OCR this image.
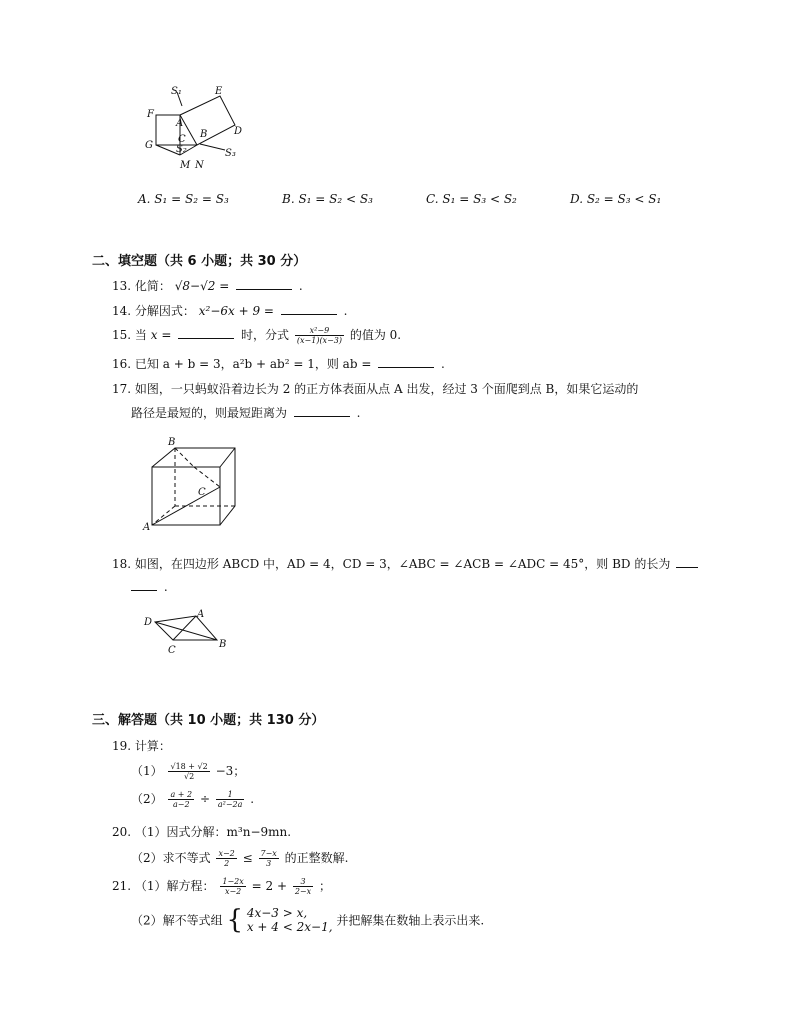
S₁	E
F
A
D
C B
G S₂	S₃
M N
A. S₁ = S₂ = S₃	B. S₁ = S₂ < S₃	C. S₁ = S₃ < S₂	D. S₂ = S₃ < S₁
二、填空题（共 6 小题；共 30 分）
13. 化简： √8−√2 =	.
14. 分解因式： x²−6x + 9 =	.
15. 当 x =	时，分式 $\frac{\text{x²−9}}{(x-1)(x-3)}$ 的值为 0.
16. 已知 a + b = 3，a²b + ab² = 1，则 ab =	.
17. 如图，一只蚂蚁沿着边长为 2 的正方体表面从点 A 出发，经过 3 个面爬到点 B，如果它运动的
路径是最短的，则最短距离为	.
B
C
A
18. 如图，在四边形 ABCD 中，AD = 4，CD = 3，∠ABC = ∠ACB = ∠ADC = 45°，则 BD 的长为
.
D
A
B
C
三、解答题（共 10 小题；共 130 分）
19. 计算：
$(1) \frac{√18 + √2}{√2} -3$；
$(2) \frac{a + 2}{a-2} \div \frac{1}{\text{a²−2a}}$ .
20. （1）因式分解：m³n−9mn.
（2）求不等式 $\frac{x-2}{2} \le \frac{7-x}{3}$ 的正整数解.
21. （1）解方程： $\frac{1-2x}{x-2} = 2 + \frac{3}{2-x}$ ；
（2）解不等式组 { 4x−3 > x,
x + 4 < 2x−1, 并把解集在数轴上表示出来.
